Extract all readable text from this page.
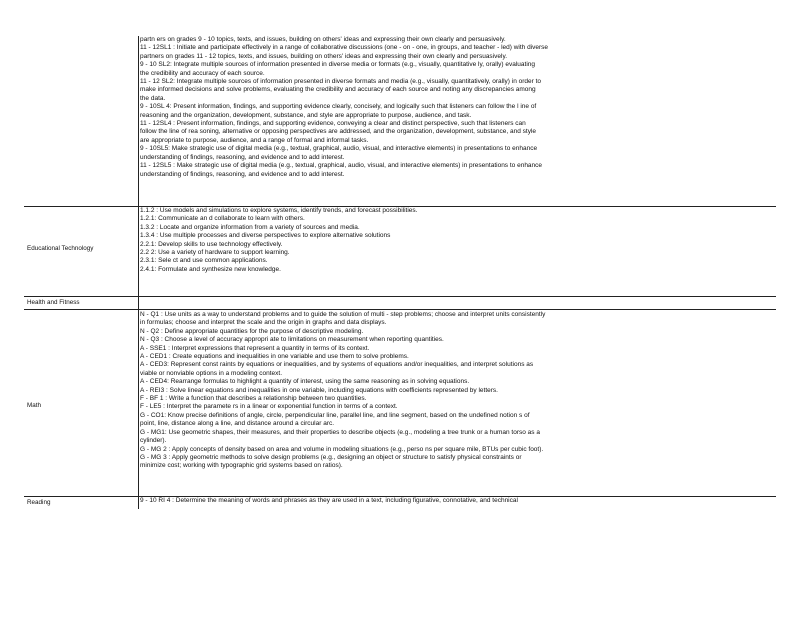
partn ers on grades 9 - 10 topics, texts, and issues, building on others' ideas and expressing their own clearly and persuasively.
11 - 12SL1 : Initiate and participate effectively in a range of collaborative discussions (one - on - one, in groups, and teacher - led) with diverse
partners on grades 11 - 12 topics, texts, and issues, building on others' ideas and expressing their own clearly and persuasively.
9 - 10 SL2: Integrate multiple sources of information presented in diverse media or formats (e.g., visually, quantitative ly, orally) evaluating
the credibility and accuracy of each source.
11 - 12 SL2: Integrate multiple sources of information presented in diverse formats and media (e.g., visually, quantitatively, orally) in order to
make informed decisions and solve problems, evaluating the credibility and accuracy of each source and noting any discrepancies among
the data.
9 - 10SL 4: Present information, findings, and supporting evidence clearly, concisely, and logically such that listeners can follow the l ine of
reasoning and the organization, development, substance, and style are appropriate to purpose, audience, and task.
11 - 12SL4 : Present information, findings, and supporting evidence, conveying a clear and distinct perspective, such that listeners can
follow the line of rea soning, alternative or opposing perspectives are addressed, and the organization, development, substance, and style
are appropriate to purpose, audience, and a range of formal and informal tasks.
9 - 10SL5: Make strategic use of digital media (e.g., textual, graphical, audio, visual, and interactive elements) in presentations to enhance
understanding of findings, reasoning, and evidence and to add interest.
11 - 12SL5 : Make strategic use of digital media (e.g., textual, graphical, audio, visual, and interactive elements) in presentations to enhance
understanding of findings, reasoning, and evidence and to add interest.
Educational Technology
1.1.2 : Use models and simulations to explore systems, identify trends, and forecast possibilities.
1.2.1: Communicate an d collaborate to learn with others.
1.3.2 : Locate and organize information from a variety of sources and media.
1.3.4 : Use multiple processes and diverse perspectives to explore alternative solutions
2.2.1: Develop skills to use technology effectively.
2.2 2: Use a variety of hardware to support learning.
2.3.1: Sele ct and use common applications.
2.4.1: Formulate and synthesize new knowledge.
Health and Fitness
Math
N - Q1 : Use units as a way to understand problems and to guide the solution of multi - step problems; choose and interpret units consistently
in formulas; choose and interpret the scale and the origin in graphs and data displays.
N - Q2 : Define appropriate quantities for the purpose of descriptive modeling.
N - Q3 : Choose a level of accuracy appropri ate to limitations on measurement when reporting quantities.
A - SSE1 : Interpret expressions that represent a quantity in terms of its context.
A - CED1 : Create equations and inequalities in one variable and use them to solve problems.
A - CED3: Represent const raints by equations or inequalities, and by systems of equations and/or inequalities, and interpret solutions as
viable or nonviable options in a modeling context.
A - CED4: Rearrange formulas to highlight a quantity of interest, using the same reasoning as in solving equations.
A - REI3 : Solve linear equations and inequalities in one variable, including equations with coefficients represented by letters.
F - BF 1 : Write a function that describes a relationship between two quantities.
F - LE5 : Interpret the paramete rs in a linear or exponential function in terms of a context.
G - CO1: Know precise definitions of angle, circle, perpendicular line, parallel line, and line segment, based on the undefined notion s of
point, line, distance along a line, and distance around a circular arc.
G - MG1: Use geometric shapes, their measures, and their properties to describe objects (e.g., modeling a tree trunk or a human torso as a
cylinder).
G - MG 2 : Apply concepts of density based on area and volume in modeling situations (e.g., perso ns per square mile, BTUs per cubic foot).
G - MG 3 : Apply geometric methods to solve design problems (e.g., designing an object or structure to satisfy physical constraints or
minimize cost; working with typographic grid systems based on ratios).
Reading	9 - 10 RI 4 : Determine the meaning of words and phrases as they are used in a text, including figurative, connotative, and technical
